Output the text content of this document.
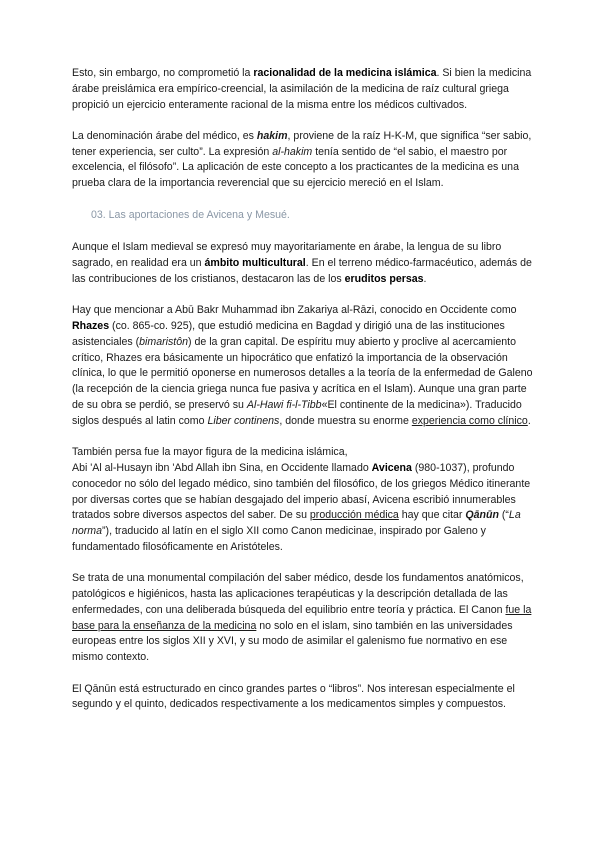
Esto, sin embargo, no comprometió la racionalidad de la medicina islámica. Si bien la medicina árabe preislámica era empírico-creencial, la asimilación de la medicina de raíz cultural griega propició un ejercicio enteramente racional de la misma entre los médicos cultivados.

La denominación árabe del médico, es hakim, proviene de la raíz H-K-M, que significa “ser sabio, tener experiencia, ser culto”. La expresión al-hakim tenía sentido de “el sabio, el maestro por excelencia, el filósofo”. La aplicación de este concepto a los practicantes de la medicina es una prueba clara de la importancia reverencial que su ejercicio mereció en el Islam.

03. Las aportaciones de Avicena y Mesué.

Aunque el Islam medieval se expresó muy mayoritariamente en árabe, la lengua de su libro sagrado, en realidad era un ámbito multicultural. En el terreno médico-farmacéutico, además de las contribuciones de los cristianos, destacaron las de los eruditos persas.

Hay que mencionar a Abū Bakr Muhammad ibn Zakariya al-Rāzi, conocido en Occidente como Rhazes (co. 865-co. 925), que estudió medicina en Bagdad y dirigió una de las instituciones asistenciales (bimaristôn) de la gran capital. De espíritu muy abierto y proclive al acercamiento crítico, Rhazes era básicamente un hipocrático que enfatizó la importancia de la observación clínica, lo que le permitió oponerse en numerosos detalles a la teoría de la enfermedad de Galeno (la recepción de la ciencia griega nunca fue pasiva y acrítica en el Islam). Aunque una gran parte de su obra se perdió, se preservó su Al-Hawi fi-l-Tibb«El continente de la medicina»). Traducido siglos después al latin como Liber continens, donde muestra su enorme experiencia como clínico.

También persa fue la mayor figura de la medicina islámica,
Abi 'Al al-Husayn ibn 'Abd Allah ibn Sina, en Occidente llamado Avicena (980-1037), profundo conocedor no sólo del legado médico, sino también del filosófico, de los griegos Médico itinerante por diversas cortes que se habían desgajado del imperio abasí, Avicena escribió innumerables tratados sobre diversos aspectos del saber. De su producción médica hay que citar Qānūn (“La norma”), traducido al latín en el siglo XII como Canon medicinae, inspirado por Galeno y fundamentado filosóficamente en Aristóteles.

Se trata de una monumental compilación del saber médico, desde los fundamentos anatómicos, patológicos e higiénicos, hasta las aplicaciones terapéuticas y la descripción detallada de las enfermedades, con una deliberada búsqueda del equilibrio entre teoría y práctica. El Canon fue la base para la enseñanza de la medicina no solo en el islam, sino también en las universidades europeas entre los siglos XII y XVI, y su modo de asimilar el galenismo fue normativo en ese mismo contexto.

El Qānūn está estructurado en cinco grandes partes o “libros”. Nos interesan especialmente el segundo y el quinto, dedicados respectivamente a los medicamentos simples y compuestos.
